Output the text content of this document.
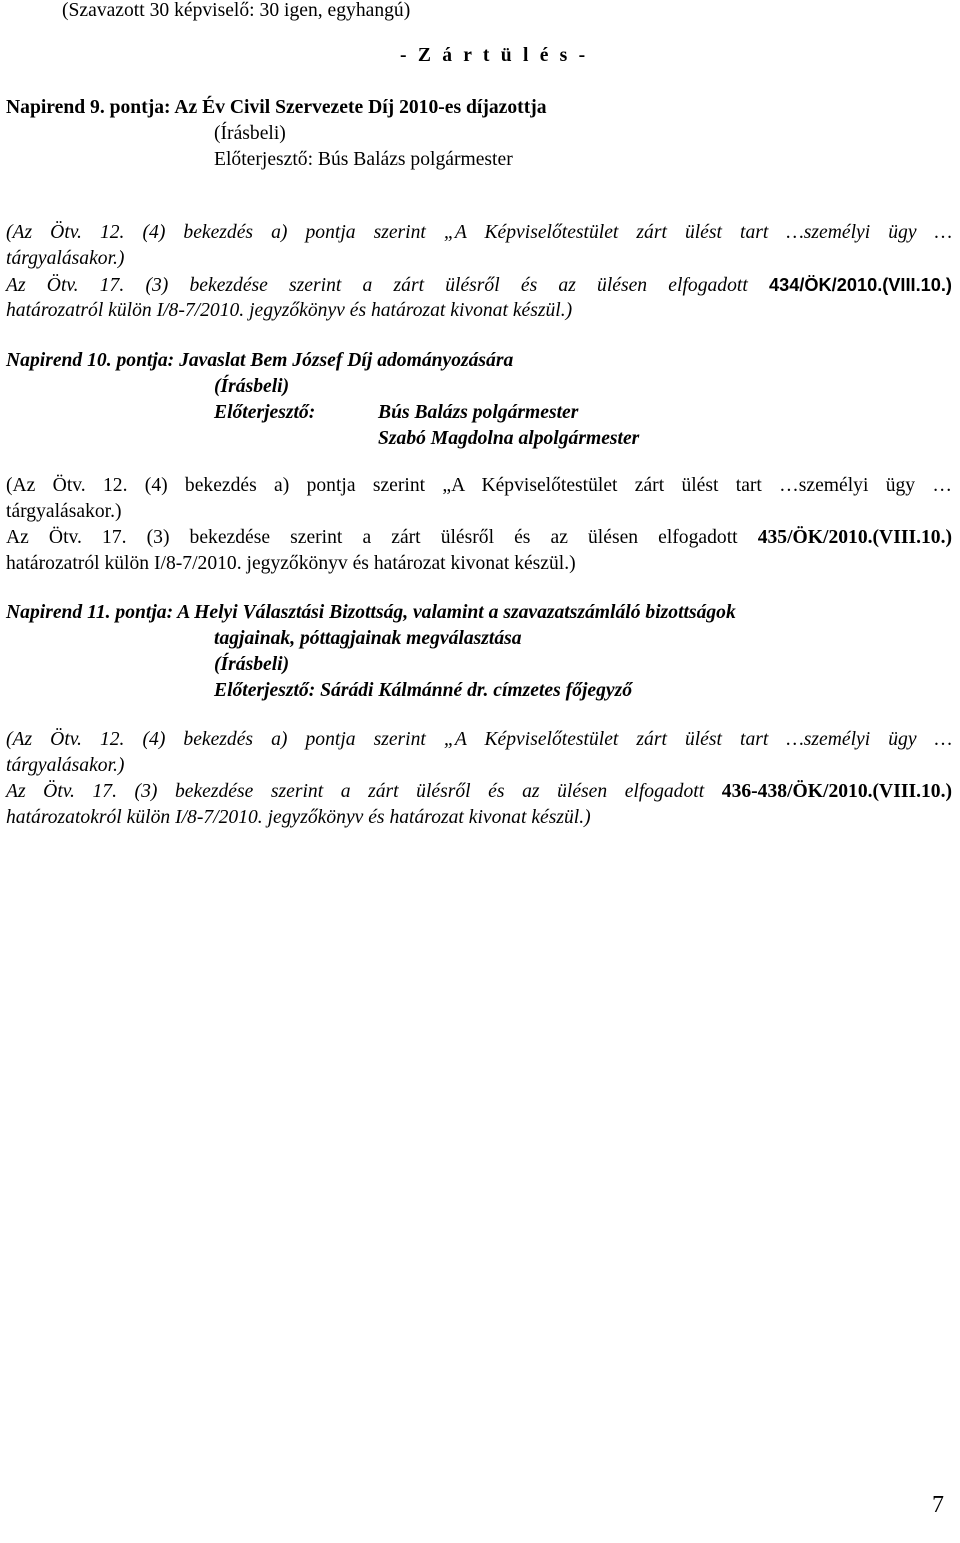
(Szavazott 30 képviselő: 30 igen, egyhangú)
- Z á r t ü l é s -
Napirend 9. pontja: Az Év Civil Szervezete Díj 2010-es díjazottja
(Írásbeli)
Előterjesztő: Bús Balázs polgármester
(Az Ötv. 12. (4) bekezdés a) pontja szerint „A Képviselőtestület zárt ülést tart …személyi ügy …
tárgyalásakor.)
Az Ötv. 17. (3) bekezdése szerint a zárt ülésről és az ülésen elfogadott 434/ÖK/2010.(VIII.10.)
határozatról külön I/8-7/2010. jegyzőkönyv és határozat kivonat készül.)
Napirend 10. pontja: Javaslat Bem József Díj adományozására
(Írásbeli)
Előterjesztő:	Bús Balázs polgármester
Szabó Magdolna alpolgármester
(Az Ötv. 12. (4) bekezdés a) pontja szerint „A Képviselőtestület zárt ülést tart …személyi ügy …
tárgyalásakor.)
Az Ötv. 17. (3) bekezdése szerint a zárt ülésről és az ülésen elfogadott 435/ÖK/2010.(VIII.10.)
határozatról külön I/8-7/2010. jegyzőkönyv és határozat kivonat készül.)
Napirend 11. pontja: A Helyi Választási Bizottság, valamint a szavazatszámláló bizottságok
tagjainak, póttagjainak megválasztása
(Írásbeli)
Előterjesztő: Sárádi Kálmánné dr. címzetes főjegyző
(Az Ötv. 12. (4) bekezdés a) pontja szerint „A Képviselőtestület zárt ülést tart …személyi ügy …
tárgyalásakor.)
Az Ötv. 17. (3) bekezdése szerint a zárt ülésről és az ülésen elfogadott 436-438/ÖK/2010.(VIII.10.)
határozatokról külön I/8-7/2010. jegyzőkönyv és határozat kivonat készül.)
7
